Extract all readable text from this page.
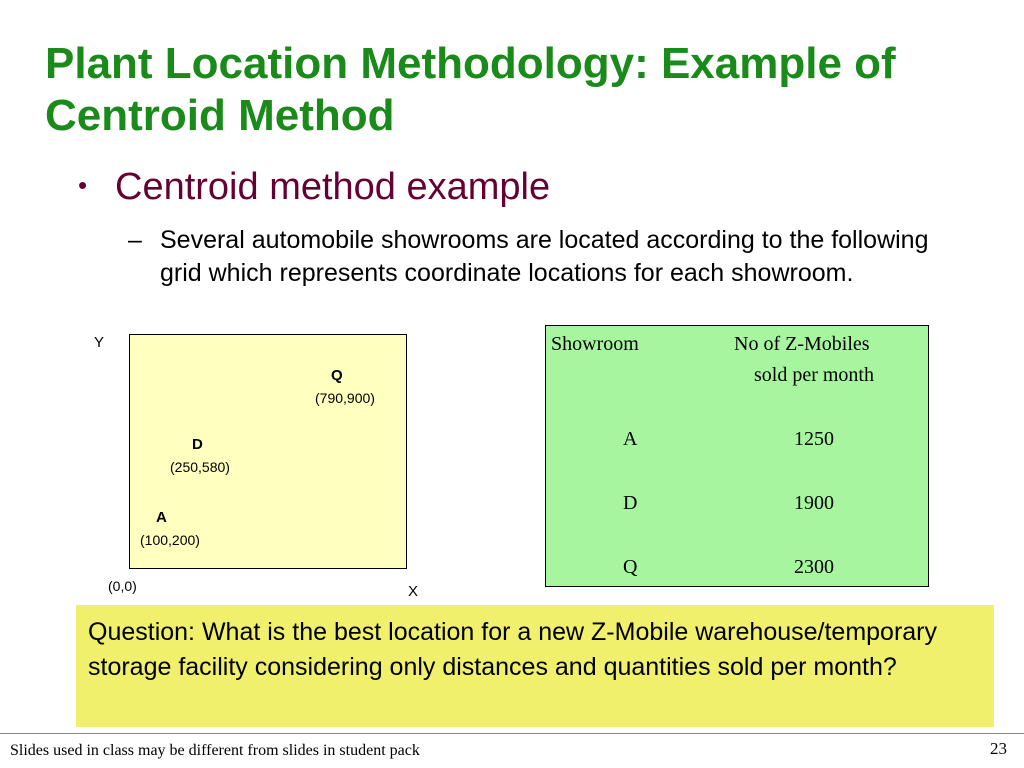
Plant Location Methodology: Example of Centroid Method
• Centroid method example
– Several automobile showrooms are located according to the following grid which represents coordinate locations for each showroom.
Y
Q
(790,900)
D
(250,580)
A
(100,200)
(0,0)	X
Showroom	No of Z-Mobiles
sold per month
A	1250
D	1900
Q	2300
Question: What is the best location for a new Z-Mobile warehouse/temporary storage facility considering only distances and quantities sold per month?
Slides used in class may be different from slides in student pack	23
